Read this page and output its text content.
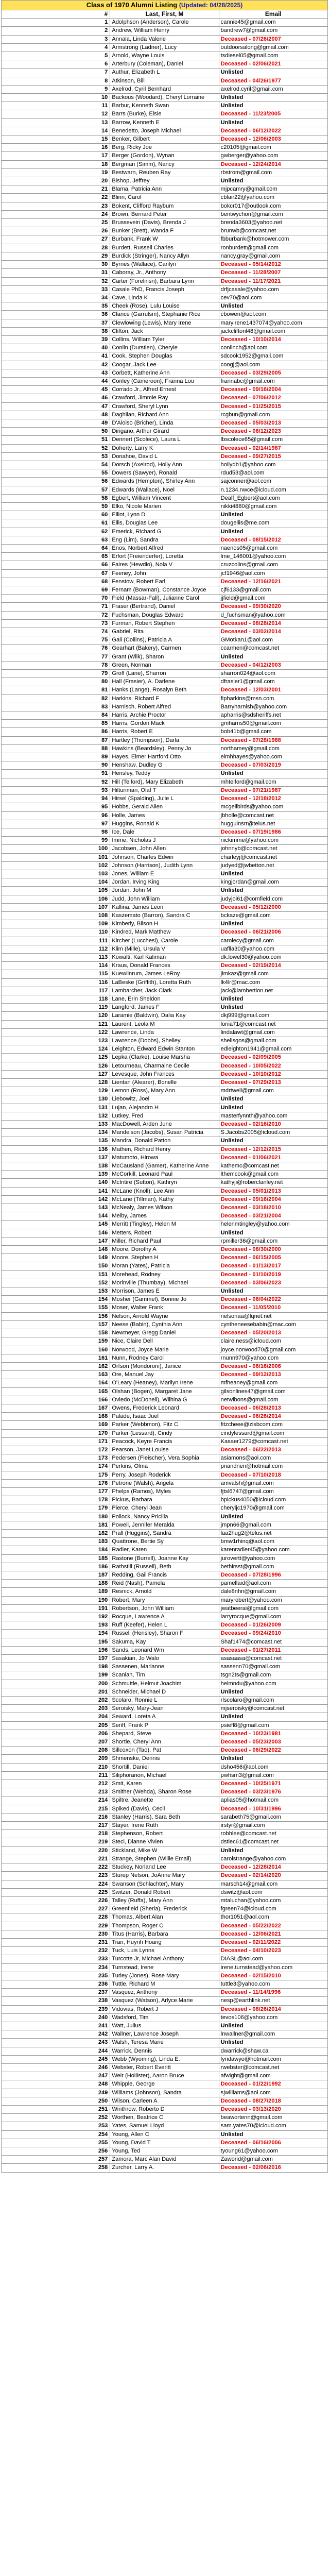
Class of 1970 Alumni Listing (Updated: 04/28/2025)		
#	Last, First, M	Email
1	Adolphson (Anderson), Carole	cannie45@gmail.com
2	Andrew, William Henry	bandrew7@gmail.com
3	Annala, Linda Valerie	Deceased - 07/26/2007
4	Armstrong (Ladner), Lucy	outdoorsalong@gmail.com
5	Arnold, Wayne Louis	tsdiesel05@gmail.com
6	Arterbury (Coleman), Daniel	Deceased - 02/06/2021
7	Authur, Elizabeth L	Unlisted
8	Atkinson, Bill	Deceased - 04/26/1977
9	Axelrod, Cyril Bernhard	axelrod.cyril@gmail.com
10	Backous (Woodard), Cheryl Lorraine	Unlisted
11	Barbur, Kenneth Swan	Unlisted
12	Barrs (Burke), Elsie	Deceased - 11/23/2005
13	Barrow, Kenneth E	Unlisted
14	Benedetto, Joseph Michael	Deceased - 06/12/2022
15	Benker, Gilbert	Deceased - 12/06/2003
16	Berg, Ricky Joe	c20105@gmail.com
17	Berger (Gordon), Wynan	gwberger@yahoo.com
18	Bergman (Simm), Nancy	Deceased - 12/24/2014
19	Bestwarn, Reuben Ray	rbstrom@gmail.com
20	Bishop, Jeffrey	Unlisted
21	Blama, Patricia Ann	mjpcamry@gmail.com
22	Blinn, Carol	cblair22@yahoo.com
23	Bokent, Clifford Raybum	bokcr017@outlook.com
24	Brown, Bernard Peter	bentwychon@gmail.com
25	Brussevein (Davis), Brenda J	brenda3603@yahoo.net
26	Bunker (Brett), Wanda F	brunwb@comcast.net
27	Burbank, Frank W	fbburbank@hotmower.com
28	Burdett, Russell Charles	ronburdett@gmail.com
29	Burdick (Stringer), Nancy Allyn	nancy.gray@gmail.com
30	Byrnes (Wallace), Carilyn	Deceased - 05/14/2012
31	Caboray, Jr., Anthony	Deceased - 11/28/2007
32	Carter (Forelinsn), Barbara Lynn	Deceased - 11/17/2021
33	Casale PhD, Francis Joseph	drfjcasale@yahoo.com
34	Cave, Linda K	cev70@aol.com
35	Cheek (Rose), Lulu Louise	Unlisted
36	Clarice (Garrulsm), Stephanie Rice	cbowen@aol.com
37	Clewlowing (Lewis), Mary Irene	maryirene1437074@yahoo.com
38	Clifton, Jack	jackcliftonl48@gmail.com
39	Collins, William Tyler	Deceased - 10/10/2014
40	Conlin (Durstien), Cheryle	conlinch@aol.com
41	Cook, Stephen Douglas	sdcook1952@gmail.com
42	Coogar, Jack Lee	coogj@aol.com
43	Corbett, Katherine Ann	Deceased - 03/29/2005
44	Conley (Cameroon), Franna Lou	frannabc@gmail.com
45	Corrado Jr., Alfred Ernest	Deceased - 09/16/2004
46	Crawford, Jimmie Ray	Deceased - 07/06/2012
47	Crawford, Sheryl Lynn	Deceased - 01/25/2015
48	Daghlian, Richard Ann	rcgbun@gmail.com
49	D'Aloiso (Bricher), Linda	Deceased - 05/03/2013
50	Dirigano, Arthur Girard	Deceased - 06/12/2023
51	Dennert (Scolece), Laura L	lbscolece65@gmail.com
52	Doherty, Larry K	Deceased - 02/14/1987
53	Donahoe, David L	Deceased - 09/27/2015
54	Dorsch (Axelrod), Holly Ann	hollydb1@yahoo.com
55	Dowers (Sawyer), Ronald	rdud53@aol.com
56	Edwards (Hempton), Shirley Ann	sajconner@aol.com
57	Edwards (Wallace), Noel	n.1234.nwce@icloud.com
58	Egbert, William Vincent	Dealf_Egbert@aol.com
59	Elko, Nicole Marien	nikki4880@gmail.com
60	Elliot, Lynn D	Unlisted
61	Ellis, Douglas Lee	dougellis@me.com
62	Emerick, Richard G	Unlisted
63	Eng (Lim), Sandra	Deceased - 08/15/2012
64	Enos, Norbert Alfred	naenos05@gmail.com
65	Erfort (Freienderfer), Loretta	lme_146001@yahoo.com
66	Faires (Hewdio), Nola V	cruzcolins@gmail.com
67	Feeney, John	jcf1946@aol.com
68	Fenstow, Robert Earl	Deceased - 12/16/2021
69	Fernam (Bowman), Constance Joyce	cjf6133@gmail.com
70	Field (Massar-Fall), Julianne Carol	jjfield@gmail.com
71	Fraser (Bertrand), Daniel	Deceased - 09/30/2020
72	Fuchsman, Douglas Edward	d_fuchsman@yahoo.com
73	Furman, Robert Stephen	Deceased - 08/28/2014
74	Gabriel, Rita	Deceased - 03/02/2014
75	Gali (Collins), Patricia A	GMotkan1@aol.com
76	Gearhart (Bakery), Carmen	ccarmen@comcast.net
77	Grant (Wilk), Sharon	Unlisted
78	Green, Norman	Deceased - 04/12/2003
79	Groff (Lane), Sharron	sharron024@aol.com
80	Hall (Frasier), A. Darlene	dfrasier1@gmail.com
81	Hanks (Lange), Rosalyn Beth	Deceased - 12/03/2001
82	Harkins, Richard F	fipharkins@msn.com
83	Harnisch, Robert Alfred	Barryharnish@yahoo.com
84	Harris, Archie Proctor	apharris@sdsheriffs.net
85	Harris, Gordon Mack	gmharris50@gmail.com
86	Harris, Robert E	bob41b@gmail.com
87	Hartley (Thompson), Darla	Deceased - 07/28/1988
88	Hawkins (Beardsley), Penny Jo	northamey@gmail.com
89	Hayes, Elmer Hartford Otto	elmhhayes@yahoo.com
90	Henshaw, Dudley G	Deceased - 07/03/2019
91	Hensley, Teddy	Unlisted
92	Hill (Telford), Mary Elizabeth	mhtelford@gmail.com
93	Hiltunman, Olaf T	Deceased - 07/21/1987
94	Hirsel (Spalding), Julie L	Deceased - 12/18/2012
95	Hobbs, Gerald Allen	mcgellbirds@yahoo.com
96	Holle, James	jbholle@comcast.net
97	Huggins, Ronald K	hugguinsrr@telus.net
98	Ice, Dale	Deceased - 07/19/1986
99	Imme, Nicholas J	nickimme@yahoo.com
100	Jacobsen, John Allen	johnnyb@comcast.net
101	Johnson, Charles Edwin	charleyj@comcast.net
102	Johnson (Harrison), Judith Lynn	judyed@jwbetton.net
103	Jones, William E	Unlisted
104	Jordan, Irving King	kingjordan@gmail.com
105	Jordan, John M	Unlisted
106	Judd, John William	judyjoi61@comfield.com
107	Kallina, James Leon	Deceased - 05/12/2000
108	Kaszemato (Barron), Sandra C	bckaze@gmail.com
109	Kimberly, Bilson H	Unlisted
110	Kindred, Mark Matthew	Deceased - 06/21/2006
111	Kircher (Lucchesi), Carole	carolecy@gmail.com
112	Klim (Mille), Ursula V	uaflla30@yahoo.com
113	Kowalti, Karl Kaliman	dk.lowel30@yahoo.com
114	Kraus, Donald Frances	Deceased - 02/19/2014
115	Kuewllnrum, James LeRoy	jimkaz@gmail.com
116	LaBeske (Griffith), Loretta Ruth	lk4lr@mac.com
117	Lambarcher, Jack Clark	jack@lambertion.net
118	Lane, Erin Sheldon	Unlisted
119	Langford, James F	Unlisted
120	Laramie (Baldwin), Dalia Kay	dkj999@gmail.com
121	Laurent, Leola M	lonia71@comcast.net
122	Lawrence, Linda	lindalawt@gmail.com
123	Lawrence (Dobbs), Shelley	shellsgos@gmail.com
124	Leighton, Edward Edwin Stanton	edleighton1941@gmail.com
125	Lepka (Clarke), Louise Marsha	Deceased - 02/09/2005
126	Letourneau, Charmaine Cecile	Deceased - 10/05/2022
127	Levesque, John Frances	Deceased - 10/10/2012
128	Lientan (Alearer), Bonelle	Deceased - 07/29/2013
129	Lemon (Ross), Mary Ann	mdrtwell@gmail.com
130	Liebowitz, Joel	Unlisted
131	Lujan, Alejandro H	Unlisted
132	Lutkey, Fred	masterfynnth@yahoo.com
133	MacDowell, Arden June	Deceased - 02/16/2010
134	Mandelson (Jacobs), Susan Patricia	S.Jacobs2005@icloud.com
135	Mandra, Donald Patton	Unlisted
136	Mathen, Richard Henry	Deceased - 12/12/2015
137	Matumoto, Hirowa	Deceased - 01/06/2021
138	McCausland (Gamer), Katherine Anne	kathemc@comcast.net
139	McCorkill, Leonard Paul	lthemcook@gmail.com
140	McIntire (Sutton), Kathryn	kathyji@roberclanley.net
141	McLane (Knoll), Lee Ann	Deceased - 05/01/2013
142	McLane (Tillman), Kathy	Deceased - 09/16/2004
143	McNealy, James Wilson	Deceased - 03/18/2010
144	Melby, James	Deceased - 03/21/2004
145	Merritt (Tingley), Helen M	helenmtingley@yahoo.com
146	Metters, Robert	Unlisted
147	Miller, Richard Paul	rpmiller36@gmail.com
148	Moore, Dorothy A	Deceased - 06/30/2000
149	Moore, Stephen H	Deceased - 06/15/2005
150	Moran (Yates), Patricia	Deceased - 01/13/2017
151	Morehead, Rodney	Deceased - 01/10/2019
152	Morinville (Thumbay), Michael	Deceased - 03/06/2023
153	Morrison, James E	Unlisted
154	Mosher (Gammel), Bonnie Jo	Deceased - 06/04/2022
155	Moser, Walter Frank	Deceased - 11/05/2010
156	Nelson, Arnold Wayne	nelsonaa@lqnet.net
157	Neese (Babin), Cynthia Ann	cyntheneesebabin@mac.com
158	Newmeyer, Gregg Daniel	Deceased - 05/20/2013
159	Nice, Claire Dell	claire.ness@icloud.com
160	Norwood, Joyce Marie	joyce.norwood70@gmail.com
161	Nunn, Rodney Carol	rnunn970@yahoo.com
162	Orfson (Mondoroni), Janice	Deceased - 06/16/2006
163	Ore, Manuel Jay	Deceased - 09/12/2013
164	O'Leary (Heaney), Marilyn Irene	mfheaney@gmail.com
165	Olshan (Bogen), Margaret Jane	gilsonlines47@gmail.com
166	Oviedo (McDonell), Wilhina G	netwibons@gmail.com
167	Owens, Frederick Leonard	Deceased - 06/28/2013
168	Palade, Isaac Juel	Deceased - 06/26/2014
169	Parker (Webbmon), Fitz C	fitzcheee@zisbcom.com
170	Parker (Lessard), Cindy	cindylessard@gmail.com
171	Peacock, Keyre Francis	Kasaer1279@comcast.net
172	Pearson, Janet Louise	Deceased - 06/22/2013
173	Pedersen (Fleischer), Vera Sophia	asiamons@aol.com
174	Perkins, Olma	pnandnen@hotmail.com
175	Perry, Joseph Roderick	Deceased - 07/10/2018
176	Petrone (Walsh), Angela	amvalsh@gmail.com
177	Phelps (Ramos), Myles	fjtsl6747@gmail.com
178	Pickus, Barbara	bpickus4050@icloud.com
179	Pierce, Cheryl Jean	cheryljc1970@gmail.com
180	Pollock, Nancy Pricilla	Unlisted
181	Powell, Jennifer Meralda	jmpn66@gmail.com
182	Prall (Huggins), Sandra	laa2hug2@telus.net
183	Quattrone, Bertie Sy	bmw1rhinq@aol.com
184	Radler, Karen	karenradler45@yahoo.com
185	Rastone (Burrell), Joanne Kay	jurovertt@yahoo.com
186	Rathstill (Russell), Beth	bethirsst@gmail.com
187	Redding, Gail Francis	Deceased - 07/28/1996
188	Reid (Nash), Pamela	pamellaid@aol.com
189	Resnick, Arnold	dale8nhn@gmail.com
190	Robert, Mary	maryrobert@yahoo.com
191	Robertson, John William	jwatbeerai@gmail.com
192	Rocque, Lawrence A	larryrocque@gmail.com
193	Ruff (Keefer), Helen L	Deceased - 01/26/2009
194	Russell (Hensley), Sharon F	Deceased - 09/24/2010
195	Sakuma, Kay	Shaf1474@comcast.net
196	Sands, Leonard Wm	Deceased - 01/27/2011
197	Sasakian, Jo Walo	asasaasa@comcast.net
198	Sassenen, Marianne	sassenn70@gmail.com
199	Scanlan, Tim	tsgn2ts@gmail.com
200	Schmuttle, Helmut Joachim	helmndu@yahoo.com
201	Schneider, Michael D	Unlisted
202	Scolaro, Ronnie L	rlscolaro@gmail.com
203	Seroisky, Mary-Jean	mjseroisky@comcast.net
204	Seward, Loreta A	Unlisted
205	Seriff, Frank P	psiefl8@gmail.com
206	Shepard, Steve	Deceased - 10/23/1981
207	Shortle, Cheryl Ann	Deceased - 05/23/2003
208	Sillcoxon (Tao), Pat	Deceased - 06/29/2022
209	Shmenske, Dennis	Unlisted
210	Shortill, Daniel	dsho456@aol.com
211	Siliphoranon, Michael	pwhsm3@gmail.com
212	Smit, Karen	Deceased - 10/25/1971
213	Smither (Wehda), Sharon Rose	Deceased - 03/23/1976
214	Spiltre, Jeanette	aplias05@hotmail.com
215	Spiked (Davis), Cecil	Deceased - 10/31/1996
216	Stanley (Harris), Sara Beth	sarabeth75@gmail.com
217	Stayer, Irene Ruth	irstyr@gmail.com
218	Stephenson, Robert	robhlee@comcast.net
219	Stecl, Dianne Vivien	dstlec61@comcast.net
220	Stickland, Mike W	Unlisted
221	Strange, Stephen (Willie Email)	carolstrange@yahoo.com
222	Stuckey, Norland Lee	Deceased - 12/28/2014
223	Sturep Nelson, JoAnne Mary	Deceased - 02/14/2020
224	Swanson (Schlachter), Mary	marsch14@gmail.com
225	Switzer, Donald Robert	dswitz@aol.com
226	Talley (Ruffa), Mary Ann	mtaluchan@yahoo.com
227	Greenfield (Sheria), Frederick	fgreen74@icloud.com
228	Thomas, Albert Alan	thor1051@aol.com
229	Thompson, Roger C	Deceased - 05/22/2022
230	Titus (Harris), Barbara	Deceased - 12/06/2021
231	Tran, Huynh Hoang	Deceased - 02/11/2022
232	Tuck, Luis Lynns	Deceased - 04/10/2023
233	Turcotte Jr, Michael Anthony	DIASL@aol.com
234	Turnstead, Irene	irene.turnstead@yahoo.com
235	Turley (Jones), Rose Mary	Deceased - 02/15/2010
236	Tuttle, Richard M	tuttle3@yahoo.com
237	Vasquez, Anthony	Deceased - 11/14/1996
238	Vasquez (Watson), Arlyce Marie	nesp@earthlink.net
239	Vidovias, Robert J	Deceased - 08/26/2014
240	Wadsford, Tim	tevos106@yahoo.com
241	Watt, Julius	Unlisted
242	Wallner, Lawrence Joseph	lnwallner@gmail.com
243	Walsh, Teresa Marie	Unlisted
244	Warrick, Dennis	dwarrick@shaw.ca
245	Webb (Wyoming), Linda E.	lyndawyo@hotmail.com
246	Webster, Robert Everitt	rwebster@comcast.net
247	Weir (Hollister), Aaron Bruce	afwight@gmail.com
248	Whipple, George	Deceased - 01/22/1992
249	Williams (Johnson), Sandra	sjwilliams@aol.com
250	Wilson, Carleen A	Deceased - 08/27/2018
251	Winthrow, Roberto D	Deceased - 03/13/2020
252	Worthen, Beatrice C	beawortenn@gmail.com
253	Yates, Samuel Lloyd	sam.yates70@icloud.com
254	Young, Allen C	Unlisted
255	Young, David T	Deceased - 06/16/2006
256	Young, Ted	tyoung61@yahoo.com
257	Zamora, Marc Alan David	Zaworid@gmail.com
258	Zurcher, Larry A.	Deceased - 02/06/2016
